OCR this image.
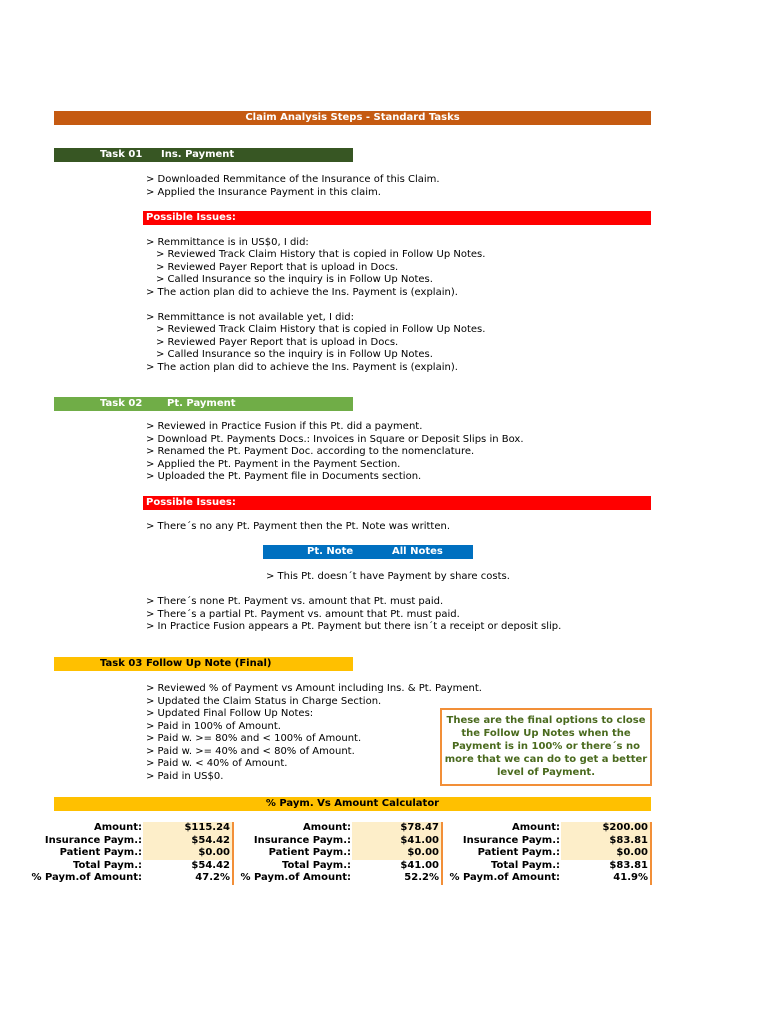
Claim Analysis Steps - Standard Tasks
Task 01 Ins. Payment
> Downloaded Remmitance of the Insurance of this Claim.
> Applied the Insurance Payment in this claim.
Possible Issues:
> Remmittance is in US$0, I did:
> Reviewed Track Claim History that is copied in Follow Up Notes.
> Reviewed Payer Report that is upload in Docs.
> Called Insurance so the inquiry is in Follow Up Notes.
> The action plan did to achieve the Ins. Payment is (explain).
> Remmittance is not available yet, I did:
> Reviewed Track Claim History that is copied in Follow Up Notes.
> Reviewed Payer Report that is upload in Docs.
> Called Insurance so the inquiry is in Follow Up Notes.
> The action plan did to achieve the Ins. Payment is (explain).
Task 02 Pt. Payment
> Reviewed in Practice Fusion if this Pt. did a payment.
> Download Pt. Payments Docs.: Invoices in Square or Deposit Slips in Box.
> Renamed the Pt. Payment Doc. according to the nomenclature.
> Applied the Pt. Payment in the Payment Section.
> Uploaded the Pt. Payment file in Documents section.
Possible Issues:
> There´s no any Pt. Payment then the Pt. Note was written.
Pt. Note	All Notes
> This Pt. doesn´t have Payment by share costs.
> There´s none Pt. Payment vs. amount that Pt. must paid.
> There´s a partial Pt. Payment vs. amount that Pt. must paid.
> In Practice Fusion appears a Pt. Payment but there isn´t a receipt or deposit slip.
Task 03 Follow Up Note (Final)
> Reviewed % of Payment vs Amount including Ins. & Pt. Payment.
> Updated the Claim Status in Charge Section.
> Updated Final Follow Up Notes:
> Paid in 100% of Amount.
> Paid w. >= 80% and < 100% of Amount.
> Paid w. >= 40% and < 80% of Amount.
> Paid w. < 40% of Amount.
> Paid in US$0.
These are the final options to close the Follow Up Notes when the Payment is in 100% or there´s no more that we can do to get a better level of Payment.
% Paym. Vs Amount Calculator
Amount:	$115.24
Insurance Paym.:	$54.42
Patient Paym.:	$0.00
Total Paym.:	$54.42
% Paym.of Amount:	47.2%
Amount:	$78.47
Insurance Paym.:	$41.00
Patient Paym.:	$0.00
Total Paym.:	$41.00
% Paym.of Amount:	52.2%
Amount:	$200.00
Insurance Paym.:	$83.81
Patient Paym.:	$0.00
Total Paym.:	$83.81
% Paym.of Amount:	41.9%
